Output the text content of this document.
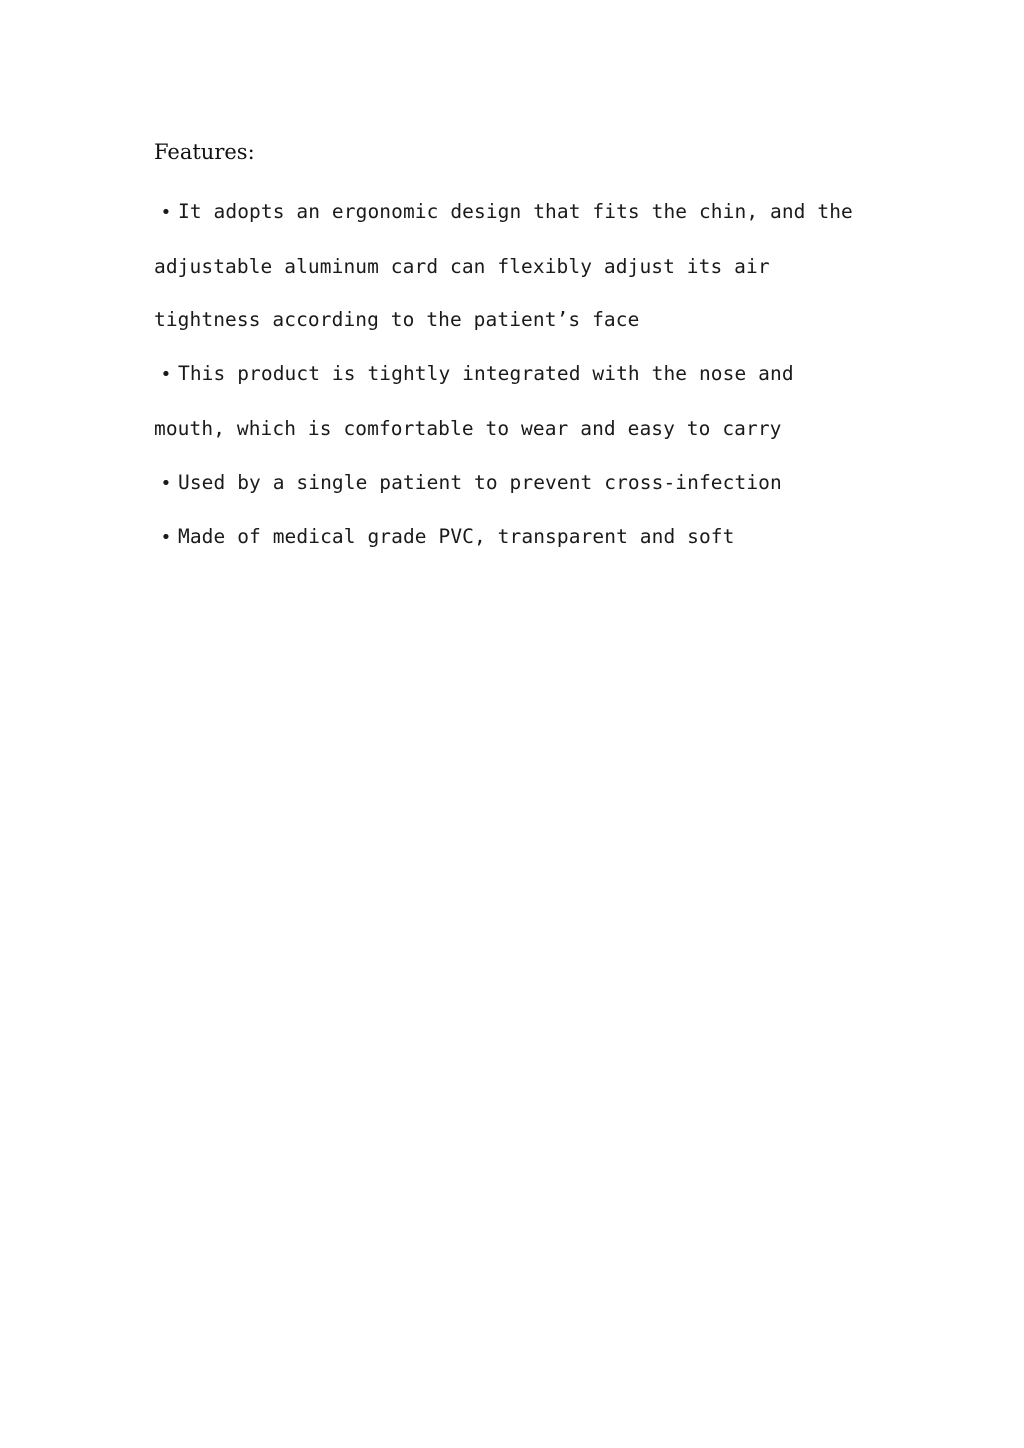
Features:
• It adopts an ergonomic design that fits the chin, and the adjustable aluminum card can flexibly adjust its air tightness according to the patient’s face
• This product is tightly integrated with the nose and mouth, which is comfortable to wear and easy to carry
• Used by a single patient to prevent cross-infection
• Made of medical grade PVC, transparent and soft
